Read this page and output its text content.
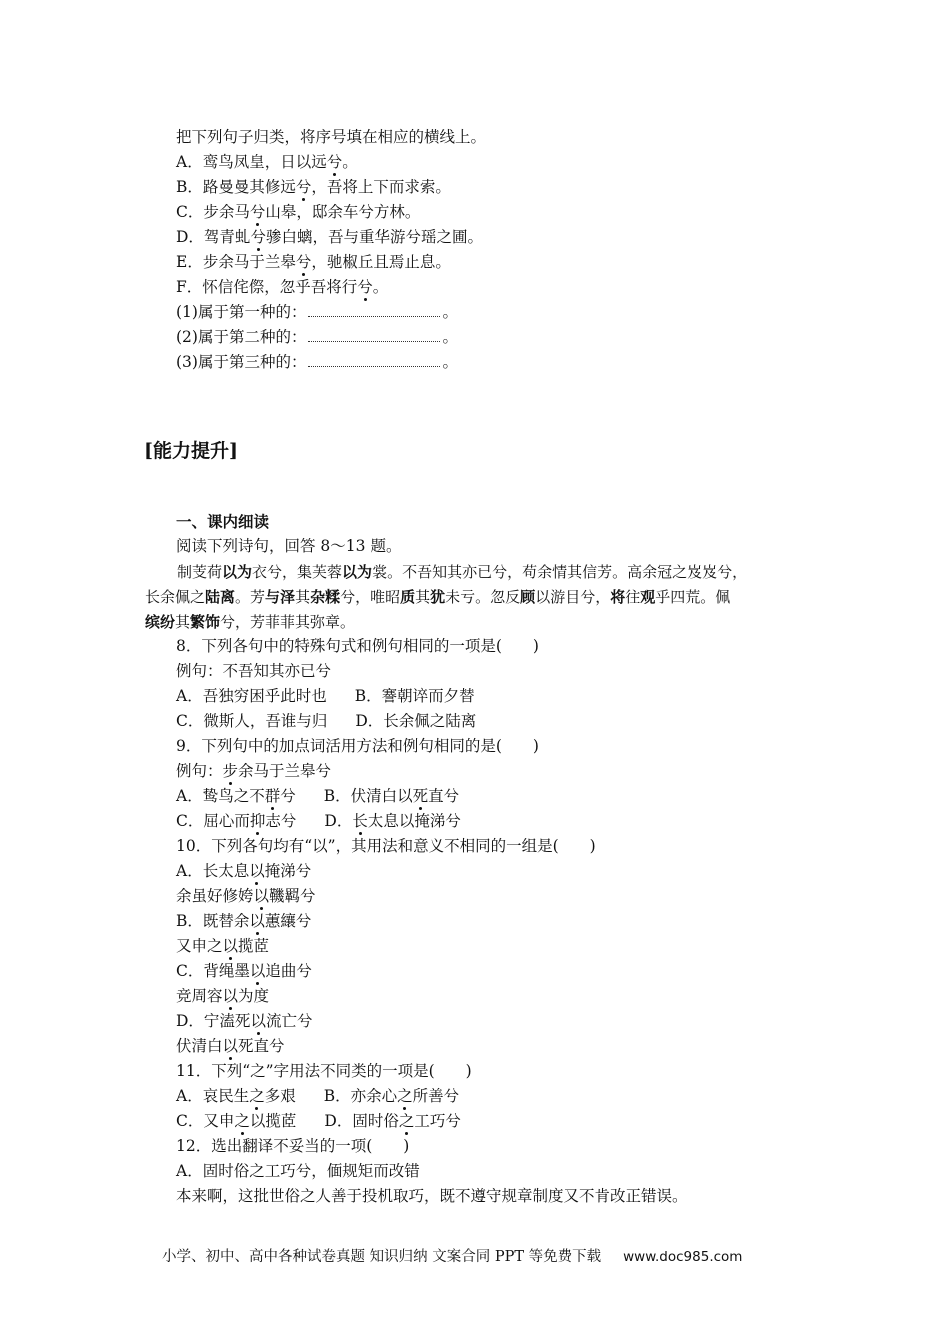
把下列句子归类，将序号填在相应的横线上。
A．鸾鸟凤皇，日以远兮。
B．路曼曼其修远兮，吾将上下而求索。
C．步余马兮山皋，邸余车兮方林。
D．驾青虬兮骖白螭，吾与重华游兮瑶之圃。
E．步余马于兰皋兮，驰椒丘且焉止息。
F．怀信侘傺，忽乎吾将行兮。
(1)属于第一种的：	。
(2)属于第二种的：	。
(3)属于第三种的：	。
[能力提升]
一、课内细读
阅读下列诗句，回答 8～13 题。
制芰荷以为衣兮，集芙蓉以为裳。不吾知其亦已兮，苟余情其信芳。高余冠之岌岌兮，
长余佩之陆离。芳与泽其杂糅兮，唯昭质其犹未亏。忽反顾以游目兮，将往观乎四荒。佩
缤纷其繁饰兮，芳菲菲其弥章。
8．下列各句中的特殊句式和例句相同的一项是(　　)
例句：不吾知其亦已兮
A．吾独穷困乎此时也 B．謇朝谇而夕替
C．微斯人，吾谁与归 D．长余佩之陆离
9．下列句中的加点词活用方法和例句相同的是(　　)
例句：步余马于兰皋兮
A．鸷鸟之不群兮 B．伏清白以死直兮
C．屈心而抑志兮 D．长太息以掩涕兮
10．下列各句均有“以”，其用法和意义不相同的一组是(　　)
A．长太息以掩涕兮
余虽好修姱以鞿羁兮
B．既替余以蕙纕兮
又申之以揽茝
C．背绳墨以追曲兮
竞周容以为度
D．宁溘死以流亡兮
伏清白以死直兮
11．下列“之”字用法不同类的一项是(　　)
A．哀民生之多艰 B．亦余心之所善兮
C．又申之以揽茝 D．固时俗之工巧兮
12．选出翻译不妥当的一项(　　)
A．固时俗之工巧兮，偭规矩而改错
本来啊，这批世俗之人善于投机取巧，既不遵守规章制度又不肯改正错误。
小学、初中、高中各种试卷真题 知识归纳 文案合同 PPT 等免费下载 www.doc985.com
